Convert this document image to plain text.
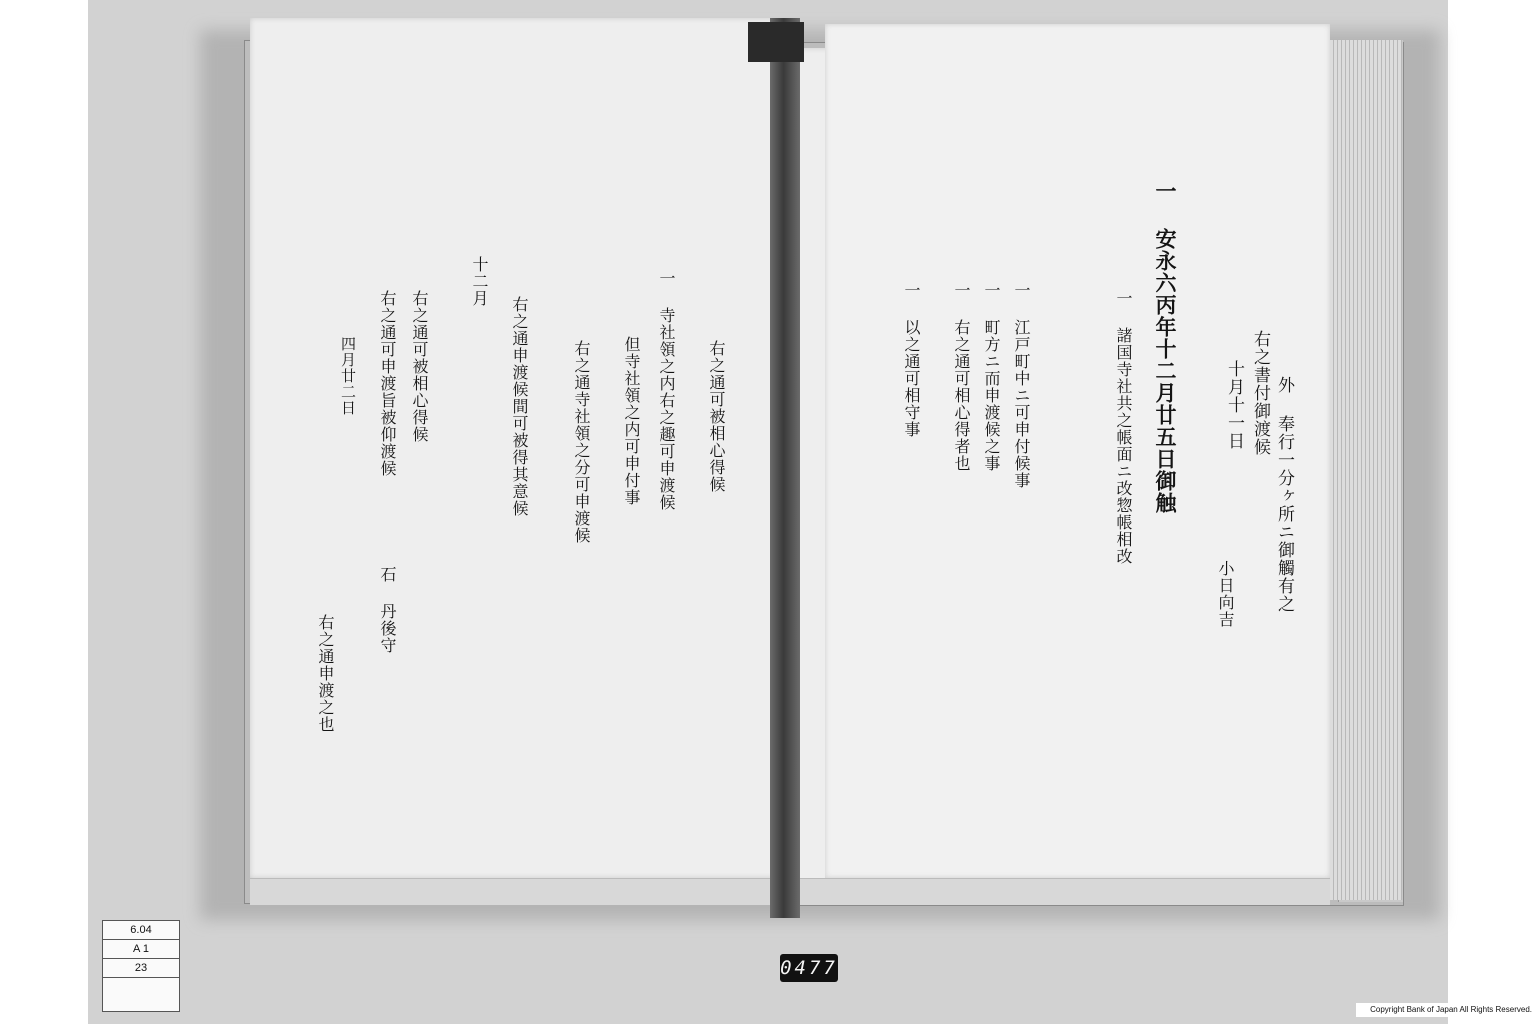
外 奉行一分ヶ所ニ御觸有之
右之書付御渡候
十月十一日
小日向吉
一 安永六丙年十二月廿五日御触
一 諸国寺社共之帳面ニ改惣帳相改
一 江戸町中ニ可申付候事
一 町方ニ而申渡候之事
一 右之通可相心得者也
一 以之通可相守事
右之通可被相心得候
一 寺社領之内右之趣可申渡候
但寺社領之内可申付事
右之通寺社領之分可申渡候
右之通申渡候間可被得其意候
十二月
右之通可被相心得候
右之通可申渡旨被仰渡候
四月廿二日
石 丹後守
右之通申渡之也
6.04
A 1
23	0477
Copyright Bank of Japan All Rights Reserved.
